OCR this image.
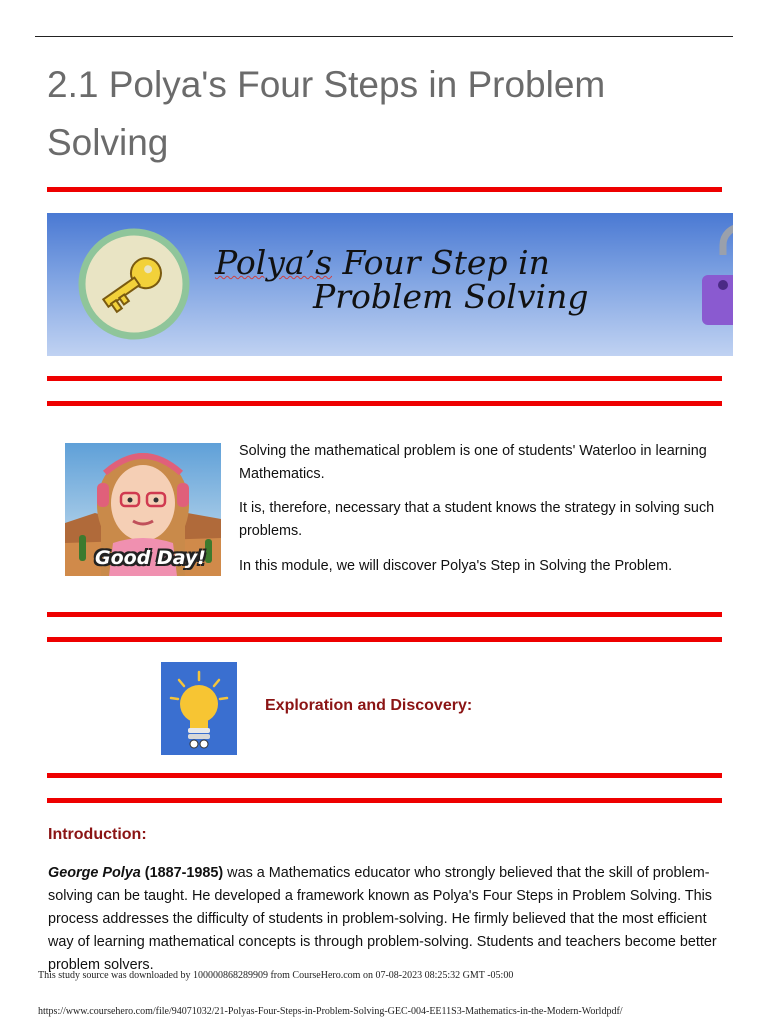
2.1 Polya's Four Steps in Problem Solving
Polya’s Four Step in
Problem Solving
Good Day!

Solving the mathematical problem is one of students' Waterloo in learning Mathematics.

It is, therefore, necessary that a student knows the strategy in solving such problems.

In this module, we will discover Polya's Step in Solving the Problem.

Exploration and Discovery:
Introduction:

George Polya (1887-1985) was a Mathematics educator who strongly believed that the skill of problem-solving can be taught. He developed a framework known as Polya's Four Steps in Problem Solving. This process addresses the difficulty of students in problem-solving. He firmly believed that the most efficient way of learning mathematical concepts is through problem-solving. Students and teachers become better problem solvers.

This study source was downloaded by 100000868289909 from CourseHero.com on 07-08-2023 08:25:32 GMT -05:00
https://www.coursehero.com/file/94071032/21-Polyas-Four-Steps-in-Problem-Solving-GEC-004-EE11S3-Mathematics-in-the-Modern-Worldpdf/
